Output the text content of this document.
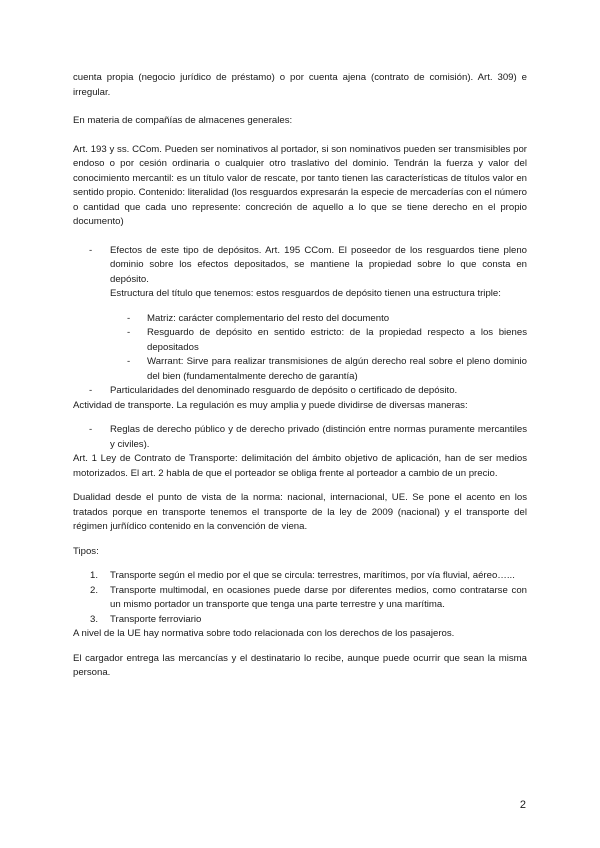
cuenta propia (negocio jurídico de préstamo) o por cuenta ajena (contrato de comisión). Art. 309) e irregular.

En materia de compañías de almacenes generales:

Art. 193 y ss. CCom. Pueden ser nominativos al portador, si son nominativos pueden ser transmisibles por endoso o por cesión ordinaria o cualquier otro traslativo del dominio. Tendrán la fuerza y valor del conocimiento mercantil: es un título valor de rescate, por tanto tienen las características de títulos valor en sentido propio. Contenido: literalidad (los resguardos expresarán la especie de mercaderías con el número o cantidad que cada uno represente: concreción de aquello a lo que se tiene derecho en el propio documento)

- Efectos de este tipo de depósitos. Art. 195 CCom. El poseedor de los resguardos tiene pleno dominio sobre los efectos depositados, se mantiene la propiedad sobre lo que consta en depósito.

Estructura del título que tenemos: estos resguardos de depósito tienen una estructura triple:

- Matriz: carácter complementario del resto del documento
- Resguardo de depósito en sentido estricto: de la propiedad respecto a los bienes depositados
- Warrant: Sirve para realizar transmisiones de algún derecho real sobre el pleno dominio del bien (fundamentalmente derecho de garantía)
- Particularidades del denominado resguardo de depósito o certificado de depósito.

Actividad de transporte. La regulación es muy amplia y puede dividirse de diversas maneras:

- Reglas de derecho público y de derecho privado (distinción entre normas puramente mercantiles y civiles).

Art. 1 Ley de Contrato de Transporte: delimitación del ámbito objetivo de aplicación, han de ser medios motorizados. El art. 2 habla de que el porteador se obliga frente al porteador a cambio de un precio.

Dualidad desde el punto de vista de la norma: nacional, internacional, UE. Se pone el acento en los tratados porque en transporte tenemos el transporte de la ley de 2009 (nacional) y el transporte del régimen jurñídico contenido en la convención de viena.

Tipos:

1. Transporte según el medio por el que se circula: terrestres, marítimos, por vía fluvial, aéreo…...
2. Transporte multimodal, en ocasiones puede darse por diferentes medios, como contratarse con un mismo portador un transporte que tenga una parte terrestre y una marítima.
3. Transporte ferroviario

A nivel de la UE hay normativa sobre todo relacionada con los derechos de los pasajeros.

El cargador entrega las mercancías y el destinatario lo recibe, aunque puede ocurrir que sean la misma persona.

2
